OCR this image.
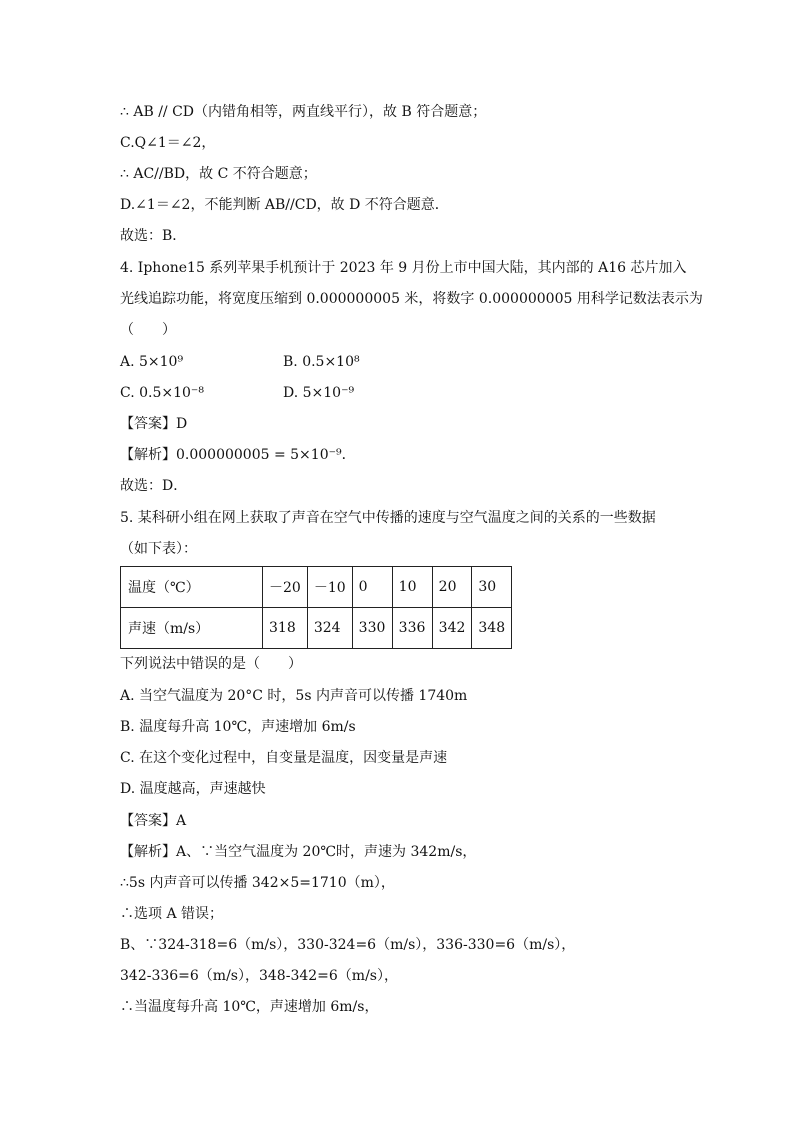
∴ AB // CD（内错角相等，两直线平行），故 B 符合题意；
C.Q∠1＝∠2，
∴ AC//BD，故 C 不符合题意；
D.∠1＝∠2，不能判断 AB//CD，故 D 不符合题意．
故选：B．
4. Iphone15 系列苹果手机预计于 2023 年 9 月份上市中国大陆，其内部的 A16 芯片加入
光线追踪功能，将宽度压缩到 0.000000005 米，将数字 0.000000005 用科学记数法表示为
（　　）
A. 5×10⁹	B. 0.5×10⁸
C. 0.5×10⁻⁸	D. 5×10⁻⁹
【答案】D
【解析】0.000000005 = 5×10⁻⁹．
故选：D．
5. 某科研小组在网上获取了声音在空气中传播的速度与空气温度之间的关系的一些数据
（如下表）：
温度（℃）	－20	－10	0	10	20	30
声速（m/s）	318	324	330	336	342	348
下列说法中错误的是（　　）
A. 当空气温度为 20°C 时，5s 内声音可以传播 1740m
B. 温度每升高 10℃，声速增加 6m/s
C. 在这个变化过程中，自变量是温度，因变量是声速
D. 温度越高，声速越快
【答案】A
【解析】A、∵当空气温度为 20℃时，声速为 342m/s，
∴5s 内声音可以传播 342×5=1710（m），
∴选项 A 错误；
B、∵324-318=6（m/s），330-324=6（m/s），336-330=6（m/s），
342-336=6（m/s），348-342=6（m/s），
∴当温度每升高 10℃，声速增加 6m/s，
